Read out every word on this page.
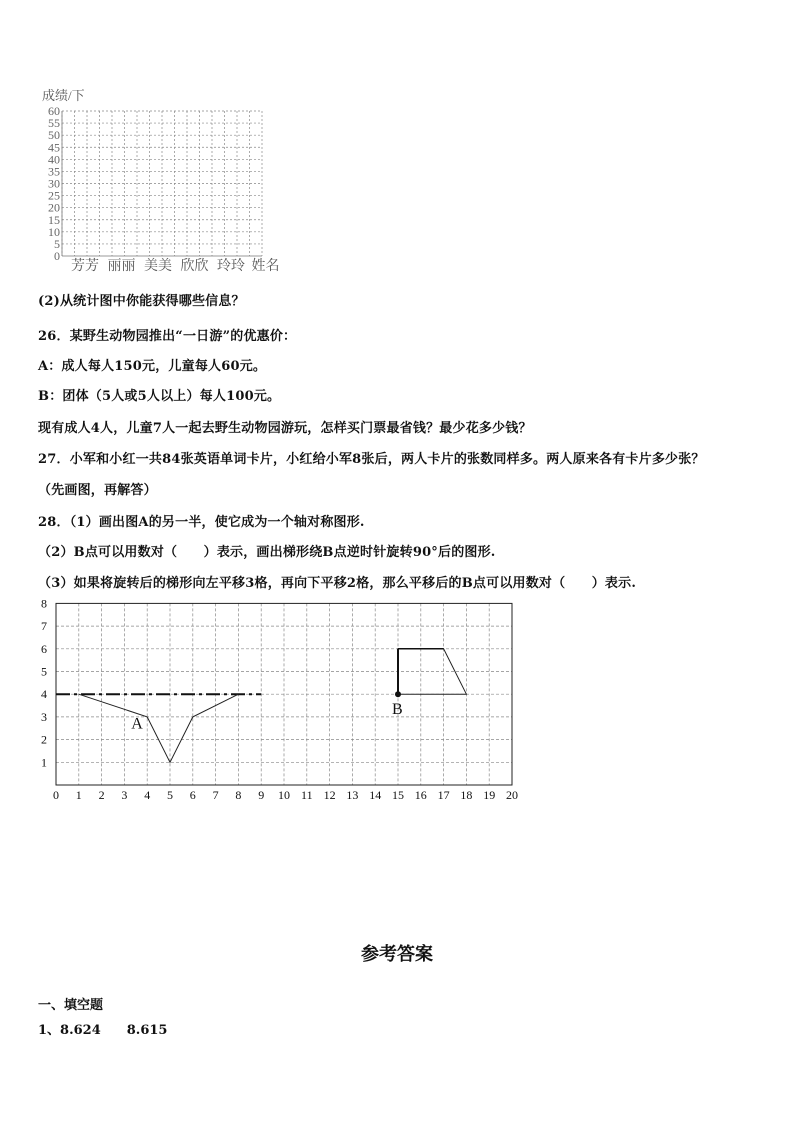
成绩/下
0
5
10
15
20
25
30
35
40
45
50
55
60
芳芳 丽丽 美美 欣欣 玲玲 姓名
(2)从统计图中你能获得哪些信息？
26．某野生动物园推出“一日游”的优惠价：
A：成人每人150元，儿童每人60元。
B：团体（5人或5人以上）每人100元。
现有成人4人，儿童7人一起去野生动物园游玩，怎样买门票最省钱？最少花多少钱？
27．小军和小红一共84张英语单词卡片，小红给小军8张后，两人卡片的张数同样多。两人原来各有卡片多少张？
（先画图，再解答）
28．（1）画出图A的另一半，使它成为一个轴对称图形.
（2）B点可以用数对（　　）表示，画出梯形绕B点逆时针旋转90°后的图形.
（3）如果将旋转后的梯形向左平移3格，再向下平移2格，那么平移后的B点可以用数对（　　）表示.
1
2
3
4
5
6
7
8
0 1 2 3 4 5 6 7 8 9 10 11 12 13 14 15 16 17 18 19 20
A
B
参考答案
一、填空题
1、8.624　　8.615
